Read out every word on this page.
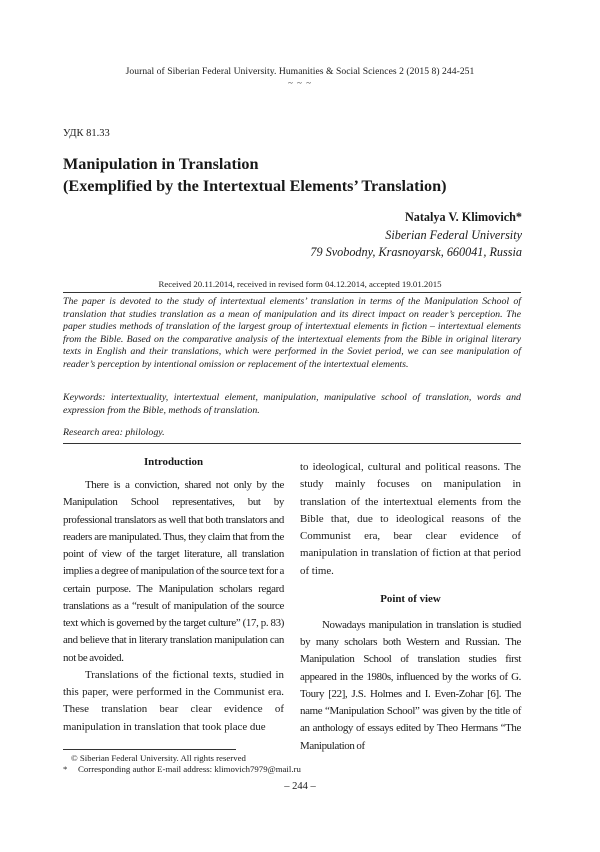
Journal of Siberian Federal University. Humanities & Social Sciences 2 (2015 8) 244-251
~ ~ ~
УДК 81.33
Manipulation in Translation
(Exemplified by the Intertextual Elements’ Translation)
Natalya V. Klimovich*
Siberian Federal University
79 Svobodny, Krasnoyarsk, 660041, Russia
Received 20.11.2014, received in revised form 04.12.2014, accepted 19.01.2015
The paper is devoted to the study of intertextual elements’ translation in terms of the Manipulation School of translation that studies translation as a mean of manipulation and its direct impact on reader’s perception. The paper studies methods of translation of the largest group of intertextual elements in fiction – intertextual elements from the Bible. Based on the comparative analysis of the intertextual elements from the Bible in original literary texts in English and their translations, which were performed in the Soviet period, we can see manipulation of reader’s perception by intentional omission or replacement of the intertextual elements.
Keywords: intertextuality, intertextual element, manipulation, manipulative school of translation, words and expression from the Bible, methods of translation.
Research area: philology.
Introduction

There is a conviction, shared not only by the Manipulation School representatives, but by professional translators as well that both translators and readers are manipulated. Thus, they claim that from the point of view of the target literature, all translation implies a degree of manipulation of the source text for a certain purpose. The Manipulation scholars regard translations as a “result of manipulation of the source text which is governed by the target culture” (17, p. 83) and believe that in literary translation manipulation can not be avoided.

Translations of the fictional texts, studied in this paper, were performed in the Communist era. These translation bear clear evidence of manipulation in translation that took place due

to ideological, cultural and political reasons. The study mainly focuses on manipulation in translation of the intertextual elements from the Bible that, due to ideological reasons of the Communist era, bear clear evidence of manipulation in translation of fiction at that period of time.

Point of view

Nowadays manipulation in translation is studied by many scholars both Western and Russian. The Manipulation School of translation studies first appeared in the 1980s, influenced by the works of G. Toury [22], J.S. Holmes and I. Even-Zohar [6]. The name “Manipulation School” was given by the title of an anthology of essays edited by Theo Hermans “The Manipulation of

© Siberian Federal University. All rights reserved
* Corresponding author E-mail address: klimovich7979@mail.ru
– 244 –
